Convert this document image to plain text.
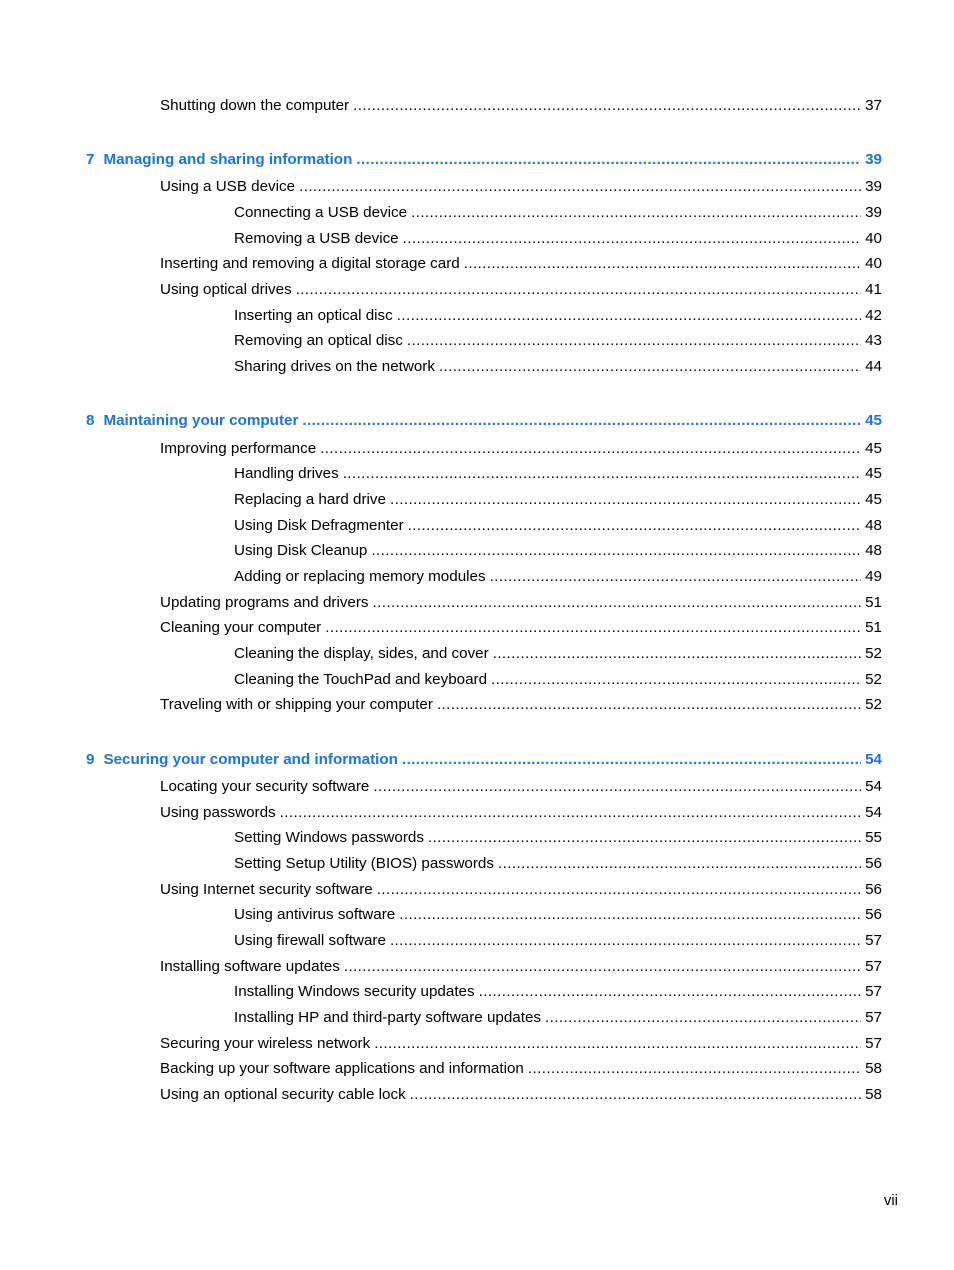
Shutting down the computer .....	37
7 Managing and sharing information .....	39
Using a USB device .....	39
Connecting a USB device .....	39
Removing a USB device .....	40
Inserting and removing a digital storage card .....	40
Using optical drives .....	41
Inserting an optical disc .....	42
Removing an optical disc .....	43
Sharing drives on the network .....	44
8 Maintaining your computer .....	45
Improving performance .....	45
Handling drives .....	45
Replacing a hard drive .....	45
Using Disk Defragmenter .....	48
Using Disk Cleanup .....	48
Adding or replacing memory modules .....	49
Updating programs and drivers .....	51
Cleaning your computer .....	51
Cleaning the display, sides, and cover .....	52
Cleaning the TouchPad and keyboard .....	52
Traveling with or shipping your computer .....	52
9 Securing your computer and information .....	54
Locating your security software .....	54
Using passwords .....	54
Setting Windows passwords .....	55
Setting Setup Utility (BIOS) passwords .....	56
Using Internet security software .....	56
Using antivirus software .....	56
Using firewall software .....	57
Installing software updates .....	57
Installing Windows security updates .....	57
Installing HP and third-party software updates .....	57
Securing your wireless network .....	57
Backing up your software applications and information .....	58
Using an optional security cable lock .....	58
vii
